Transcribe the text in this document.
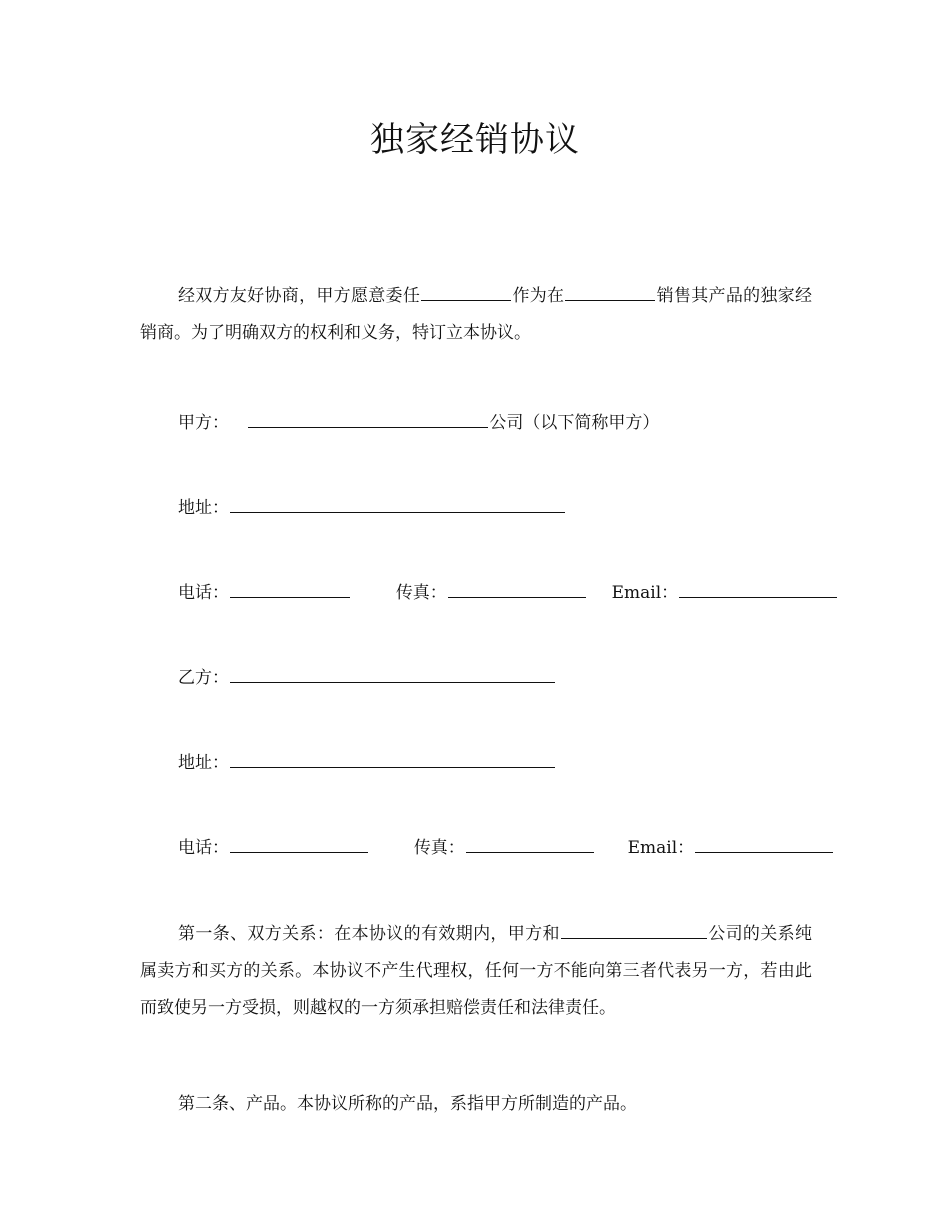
独家经销协议
经双方友好协商，甲方愿意委任	作为在	销售其产品的独家经销商。为了明确双方的权利和义务，特订立本协议。
甲方：	公司（以下简称甲方）
地址：
电话：	传真：	Email：
乙方：
地址：
电话：	传真：	Email：
第一条、双方关系：在本协议的有效期内，甲方和	公司的关系纯属卖方和买方的关系。本协议不产生代理权，任何一方不能向第三者代表另一方，若由此而致使另一方受损，则越权的一方须承担赔偿责任和法律责任。
第二条、产品。本协议所称的产品，系指甲方所制造的产品。
